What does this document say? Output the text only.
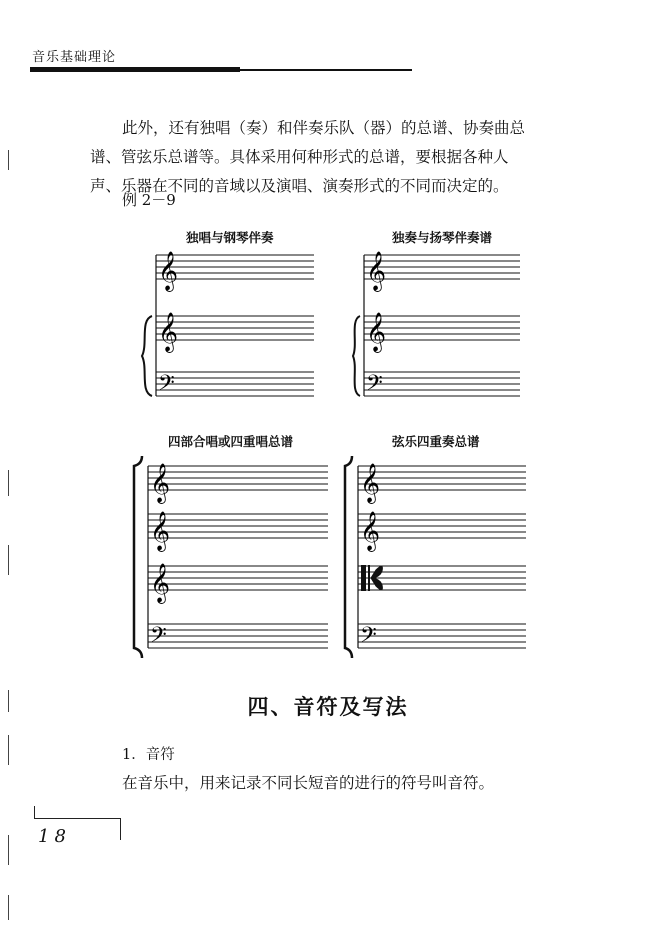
音乐基础理论
此外，还有独唱（奏）和伴奏乐队（器）的总谱、协奏曲总
谱、管弦乐总谱等。具体采用何种形式的总谱，要根据各种人
声、乐器在不同的音域以及演唱、演奏形式的不同而决定的。
例 2－9
独唱与钢琴伴奏
𝄞
𝄞
𝄢
独奏与扬琴伴奏谱
𝄞
𝄞
𝄢
四部合唱或四重唱总谱
𝄞
𝄞
𝄞
𝄢
弦乐四重奏总谱
𝄞
𝄞
𝄢
四、音符及写法
1．音符
在音乐中，用来记录不同长短音的进行的符号叫音符。
18
